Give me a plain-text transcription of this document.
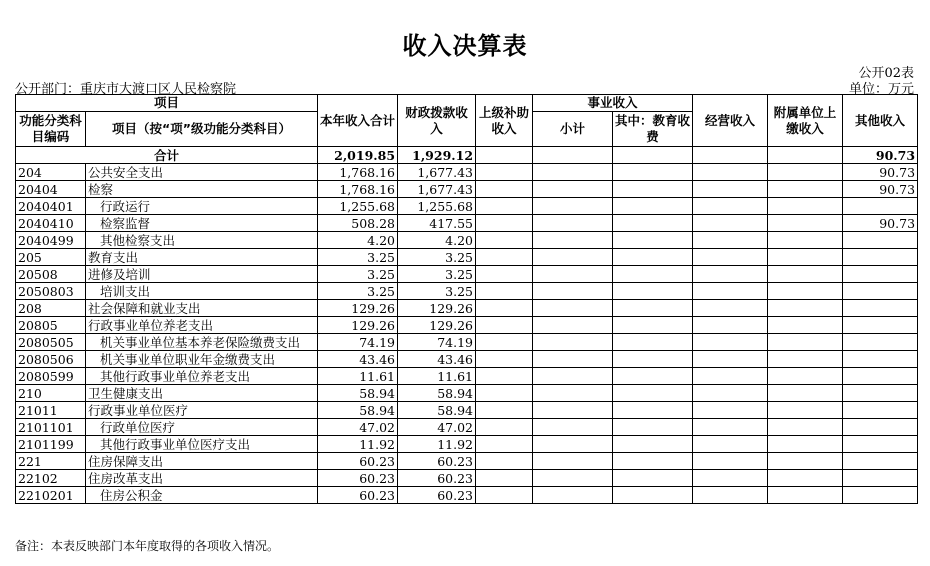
收入决算表
公开02表
公开部门：重庆市大渡口区人民检察院	单位：万元
项目		本年收入合计	财政拨款收入	上级补助收入	事业收入		经营收入	附属单位上缴收入	其他收入
功能分类科目编码	项目（按“项”级功能分类科目）								
					小计	其中：教育收费			
合计		2,019.85	1,929.12						90.73
204	公共安全支出	1,768.16	1,677.43						90.73
20404	检察	1,768.16	1,677.43						90.73
2040401	行政运行	1,255.68	1,255.68						
2040410	检察监督	508.28	417.55						90.73
2040499	其他检察支出	4.20	4.20						
205	教育支出	3.25	3.25						
20508	进修及培训	3.25	3.25						
2050803	培训支出	3.25	3.25						
208	社会保障和就业支出	129.26	129.26						
20805	行政事业单位养老支出	129.26	129.26						
2080505	机关事业单位基本养老保险缴费支出	74.19	74.19						
2080506	机关事业单位职业年金缴费支出	43.46	43.46						
2080599	其他行政事业单位养老支出	11.61	11.61						
210	卫生健康支出	58.94	58.94						
21011	行政事业单位医疗	58.94	58.94						
2101101	行政单位医疗	47.02	47.02						
2101199	其他行政事业单位医疗支出	11.92	11.92						
221	住房保障支出	60.23	60.23						
22102	住房改革支出	60.23	60.23						
2210201	住房公积金	60.23	60.23						
备注：本表反映部门本年度取得的各项收入情况。
